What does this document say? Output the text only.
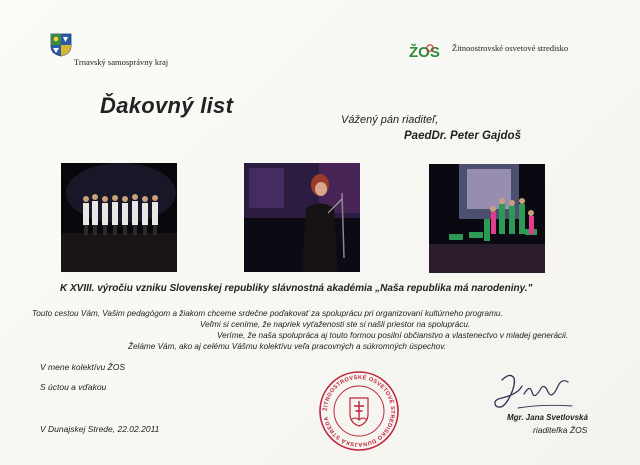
Trnavský samosprávny kraj
ŽOS Žitnoostrovské osvetové stredisko
Ďakovný list
Vážený pán riaditeľ,
PaedDr. Peter Gajdoš
K XVIII. výročiu vzniku Slovenskej republiky slávnostná akadémia „Naša republika má narodeniny."
Touto cestou Vám, Vašim pedagógom a žiakom chceme srdečne poďakovať za spoluprácu pri organizovaní kultúrneho programu.
Veľmi si ceníme, že napriek vyťaženosti ste si našli priestor na spoluprácu.
Veríme, že naša spolupráca aj touto formou posilní občianstvo a vlastenectvo v mladej generácii.
Želáme Vám, ako aj celému Vášmu kolektívu veľa pracovných a súkromných úspechov.
V mene kolektívu ŽOS
S úctou a vďakou
V Dunajskej Strede, 22.02.2011
ŽITNOOSTROVSKÉ OSVETOVÉ STREDISKO DUNAJSKÁ STREDA	Mgr. Jana Svetlovská
riaditeľka ŽOS
